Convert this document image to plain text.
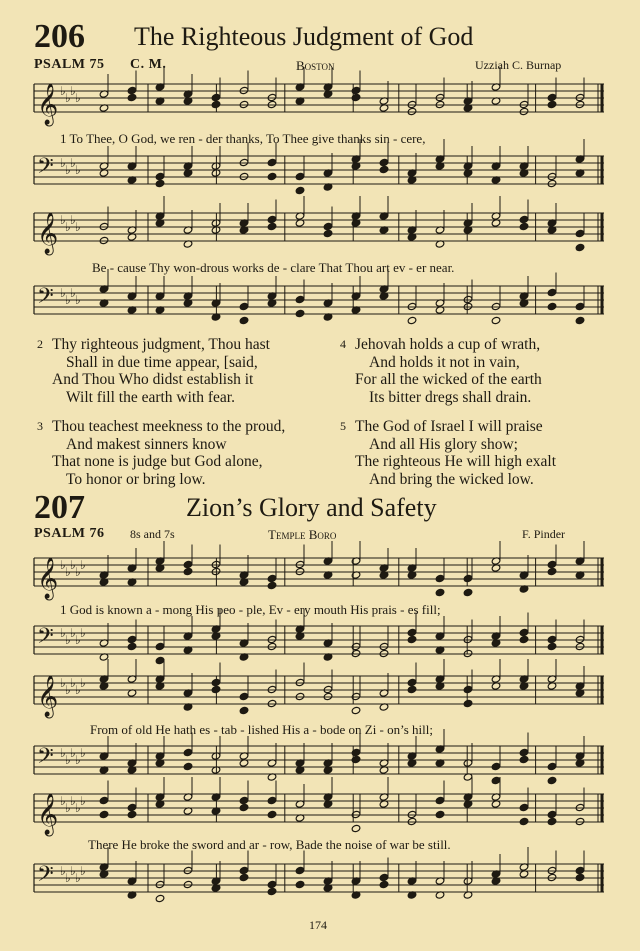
206 The Righteous Judgment of God
PSALM 75 C. M.	Boston	Uzziah C. Burnap
𝄞 ♭ ♭ ♭ ♭
1 To Thee, O God, we ren - der thanks, To Thee give thanks sin - cere,
𝄢 ♭ ♭ ♭ ♭
𝄞 ♭ ♭ ♭ ♭
Be - cause Thy won-drous works de - clare That Thou art ev - er near.
𝄢 ♭ ♭ ♭ ♭
2 Thy righteous judgment, Thou hast
Shall in due time appear, [said,
And Thou Who didst establish it
Wilt fill the earth with fear.
3 Thou teachest meekness to the proud,
And makest sinners know
That none is judge but God alone,
To honor or bring low.
4 Jehovah holds a cup of wrath,
And holds it not in vain,
For all the wicked of the earth
Its bitter dregs shall drain.
5 The God of Israel I will praise
And all His glory show;
The righteous He will high exalt
And bring the wicked low.
207	Zion’s Glory and Safety
PSALM 76 8s and 7s	Temple Boro	F. Pinder
𝄞 ♭ ♭ ♭ ♭ ♭
1 God is known a - mong His peo - ple, Ev - ery mouth His prais - es fill;
𝄢 ♭ ♭ ♭ ♭ ♭
𝄞 ♭ ♭ ♭ ♭ ♭
From of old He hath es - tab - lished His a - bode on Zi - on’s hill;
𝄢 ♭ ♭ ♭ ♭ ♭
𝄞 ♭ ♭ ♭ ♭ ♭
There He broke the sword and ar - row, Bade the noise of war be still.
𝄢 ♭ ♭ ♭ ♭ ♭
174
